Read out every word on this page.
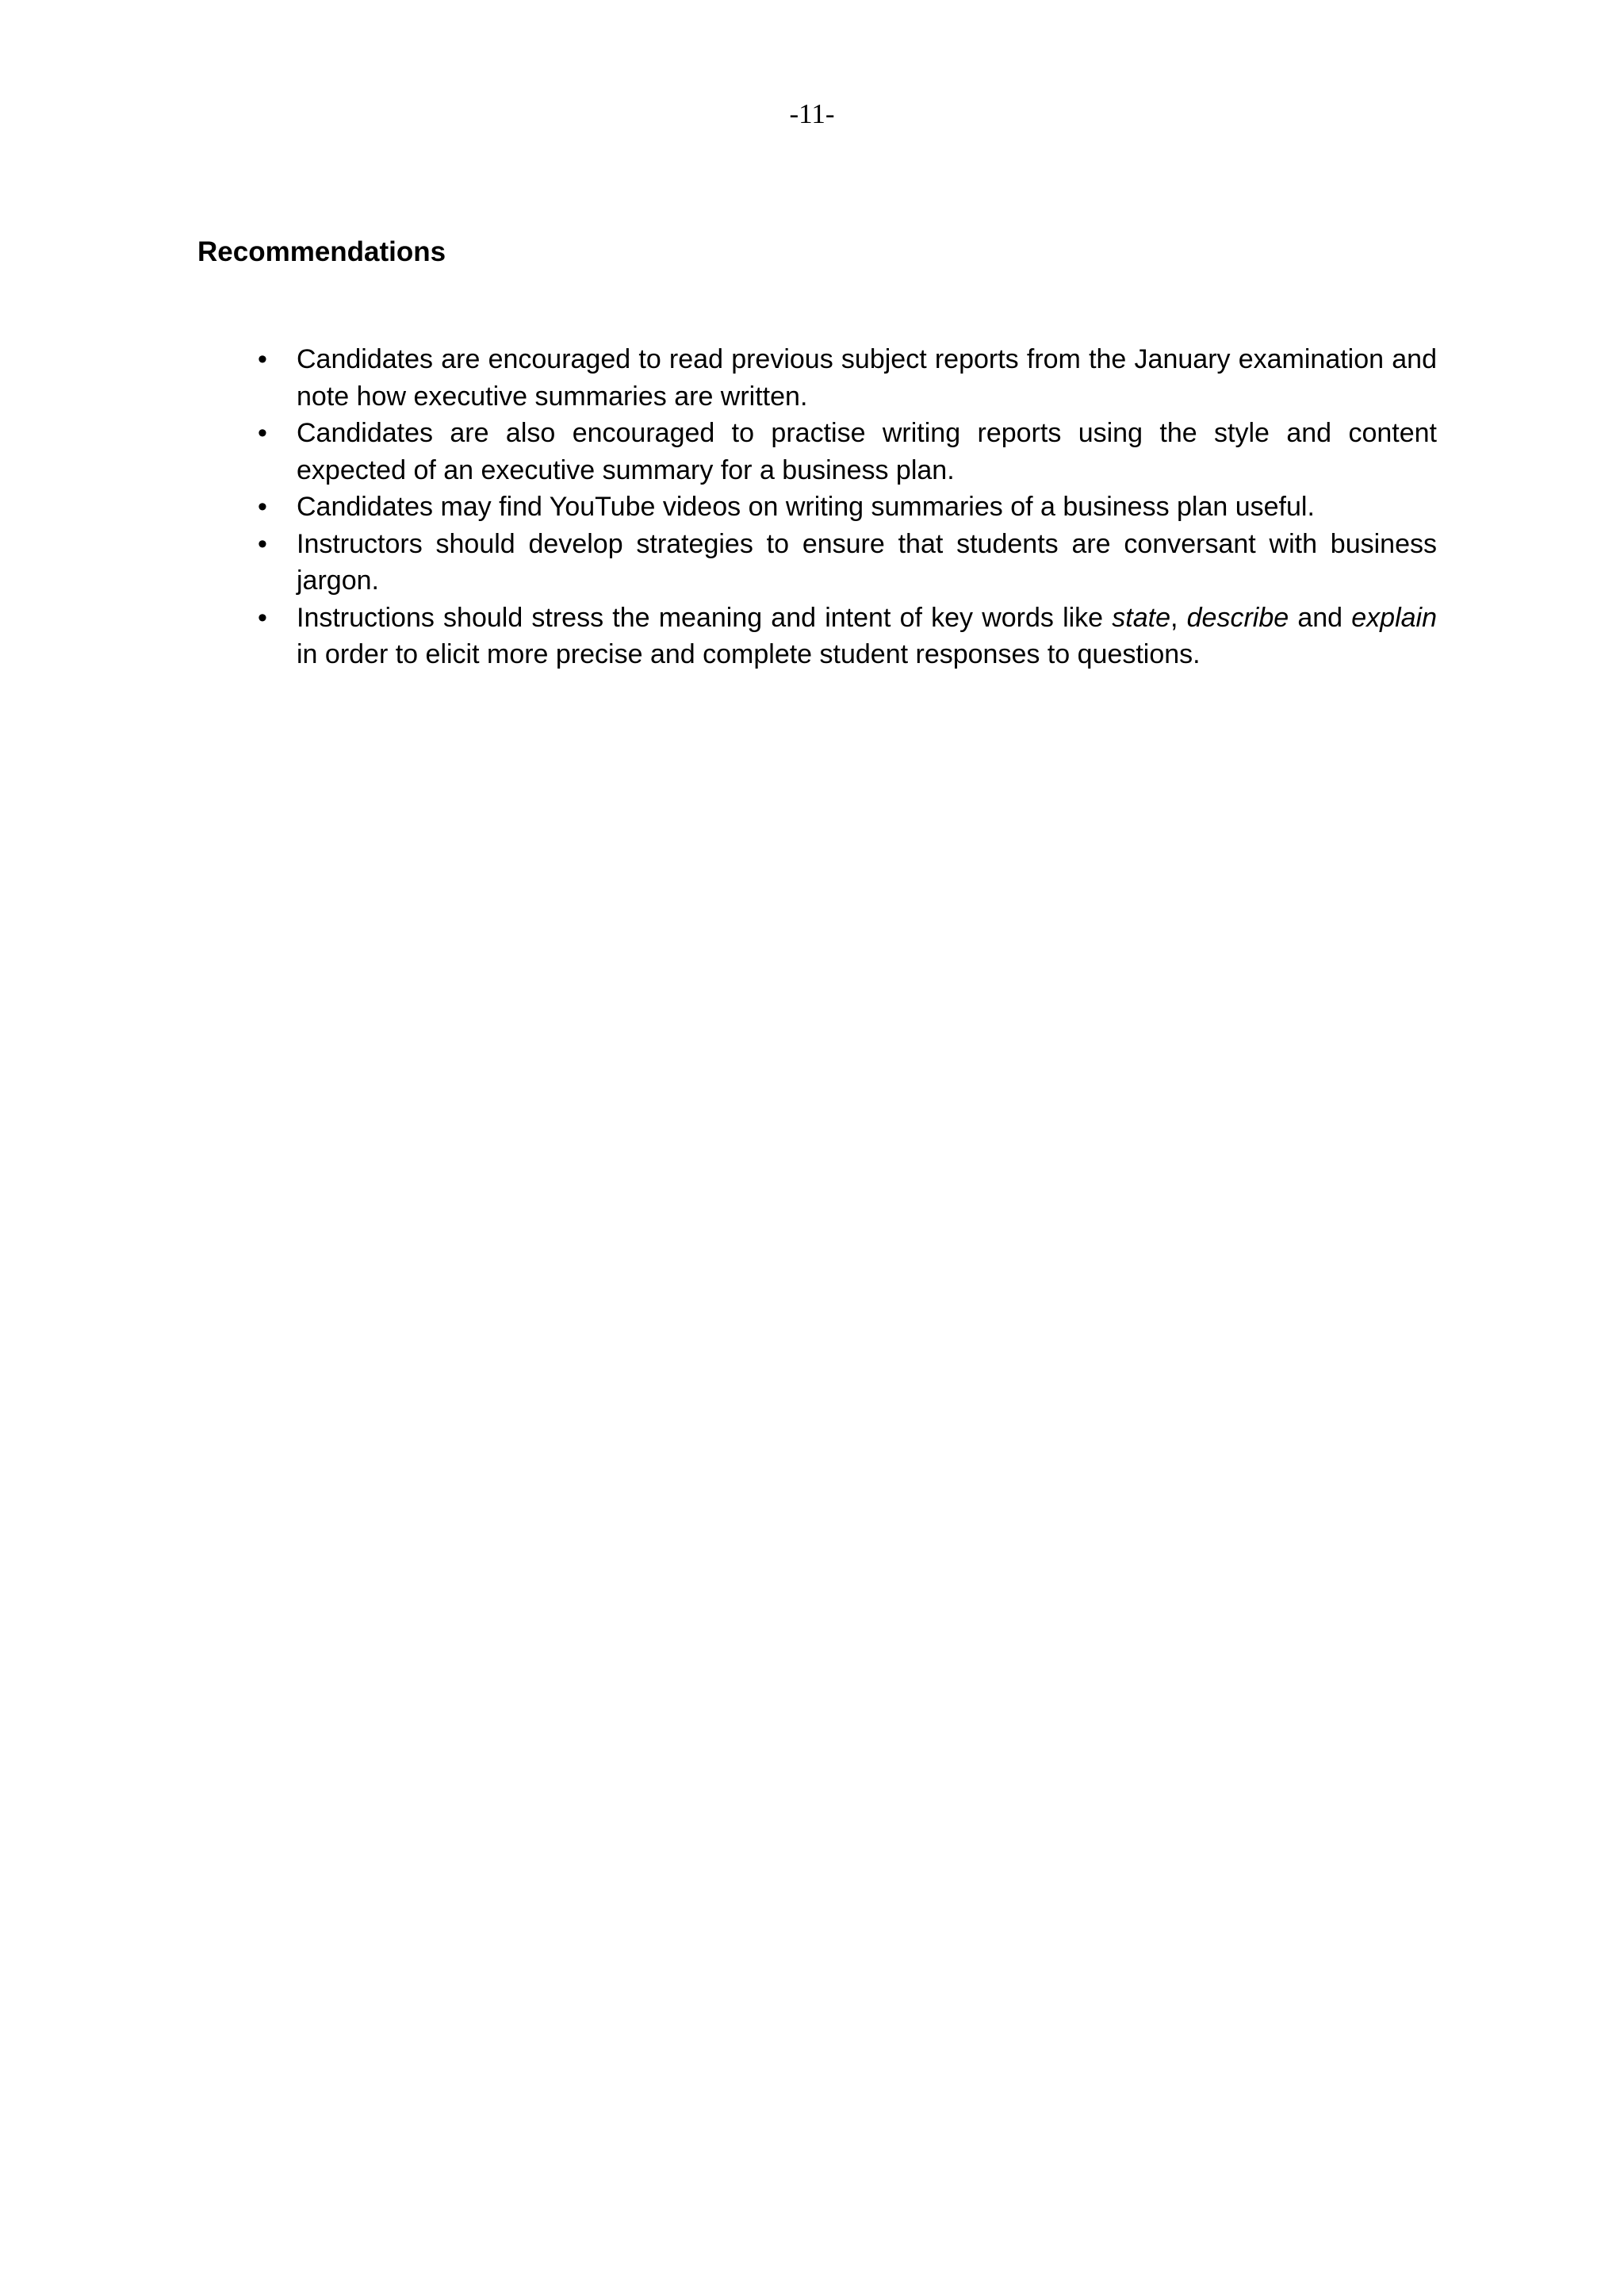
-11-
Recommendations
• Candidates are encouraged to read previous subject reports from the January examination and note how executive summaries are written.
• Candidates are also encouraged to practise writing reports using the style and content expected of an executive summary for a business plan.
• Candidates may find YouTube videos on writing summaries of a business plan useful.
• Instructors should develop strategies to ensure that students are conversant with business jargon.
• Instructions should stress the meaning and intent of key words like state, describe and explain in order to elicit more precise and complete student responses to questions.
